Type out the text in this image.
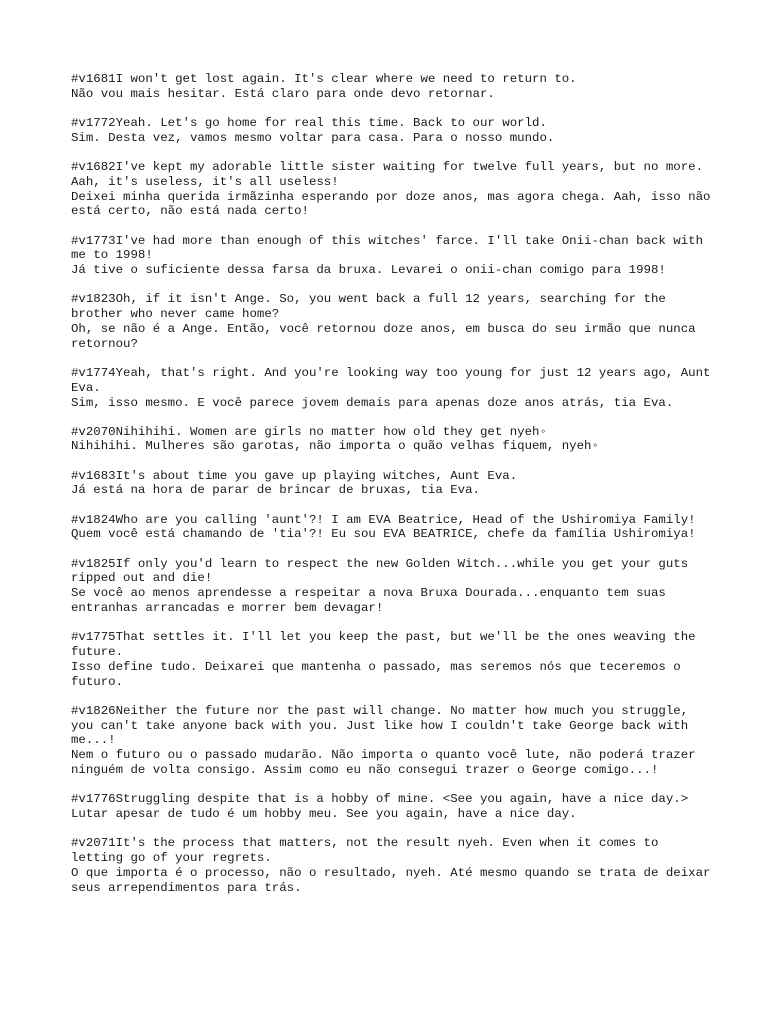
#v1681I won't get lost again. It's clear where we need to return to.
Não vou mais hesitar. Está claro para onde devo retornar.
#v1772Yeah. Let's go home for real this time. Back to our world.
Sim. Desta vez, vamos mesmo voltar para casa. Para o nosso mundo.
#v1682I've kept my adorable little sister waiting for twelve full years, but no more. Aah, it's useless, it's all useless!
Deixei minha querida irmãzinha esperando por doze anos, mas agora chega. Aah, isso não está certo, não está nada certo!
#v1773I've had more than enough of this witches' farce. I'll take Onii-chan back with me to 1998!
Já tive o suficiente dessa farsa da bruxa. Levarei o onii-chan comigo para 1998!
#v1823Oh, if it isn't Ange. So, you went back a full 12 years, searching for the brother who never came home?
Oh, se não é a Ange. Então, você retornou doze anos, em busca do seu irmão que nunca retornou?
#v1774Yeah, that's right. And you're looking way too young for just 12 years ago, Aunt Eva.
Sim, isso mesmo. E você parece jovem demais para apenas doze anos atrás, tia Eva.
#v2070Nihihihi. Women are girls no matter how old they get nyeh◦
Nihihihi. Mulheres são garotas, não importa o quão velhas fiquem, nyeh◦
#v1683It's about time you gave up playing witches, Aunt Eva.
Já está na hora de parar de brincar de bruxas, tia Eva.
#v1824Who are you calling 'aunt'?! I am EVA Beatrice, Head of the Ushiromiya Family!
Quem você está chamando de 'tia'?! Eu sou EVA BEATRICE, chefe da família Ushiromiya!
#v1825If only you'd learn to respect the new Golden Witch...while you get your guts ripped out and die!
Se você ao menos aprendesse a respeitar a nova Bruxa Dourada...enquanto tem suas entranhas arrancadas e morrer bem devagar!
#v1775That settles it. I'll let you keep the past, but we'll be the ones weaving the future.
Isso define tudo. Deixarei que mantenha o passado, mas seremos nós que teceremos o futuro.
#v1826Neither the future nor the past will change. No matter how much you struggle, you can't take anyone back with you. Just like how I couldn't take George back with me...!
Nem o futuro ou o passado mudarão. Não importa o quanto você lute, não poderá trazer ninguém de volta consigo. Assim como eu não consegui trazer o George comigo...!
#v1776Struggling despite that is a hobby of mine. <See you again, have a nice day.>
Lutar apesar de tudo é um hobby meu. See you again, have a nice day.
#v2071It's the process that matters, not the result nyeh. Even when it comes to letting go of your regrets.
O que importa é o processo, não o resultado, nyeh. Até mesmo quando se trata de deixar seus arrependimentos para trás.
